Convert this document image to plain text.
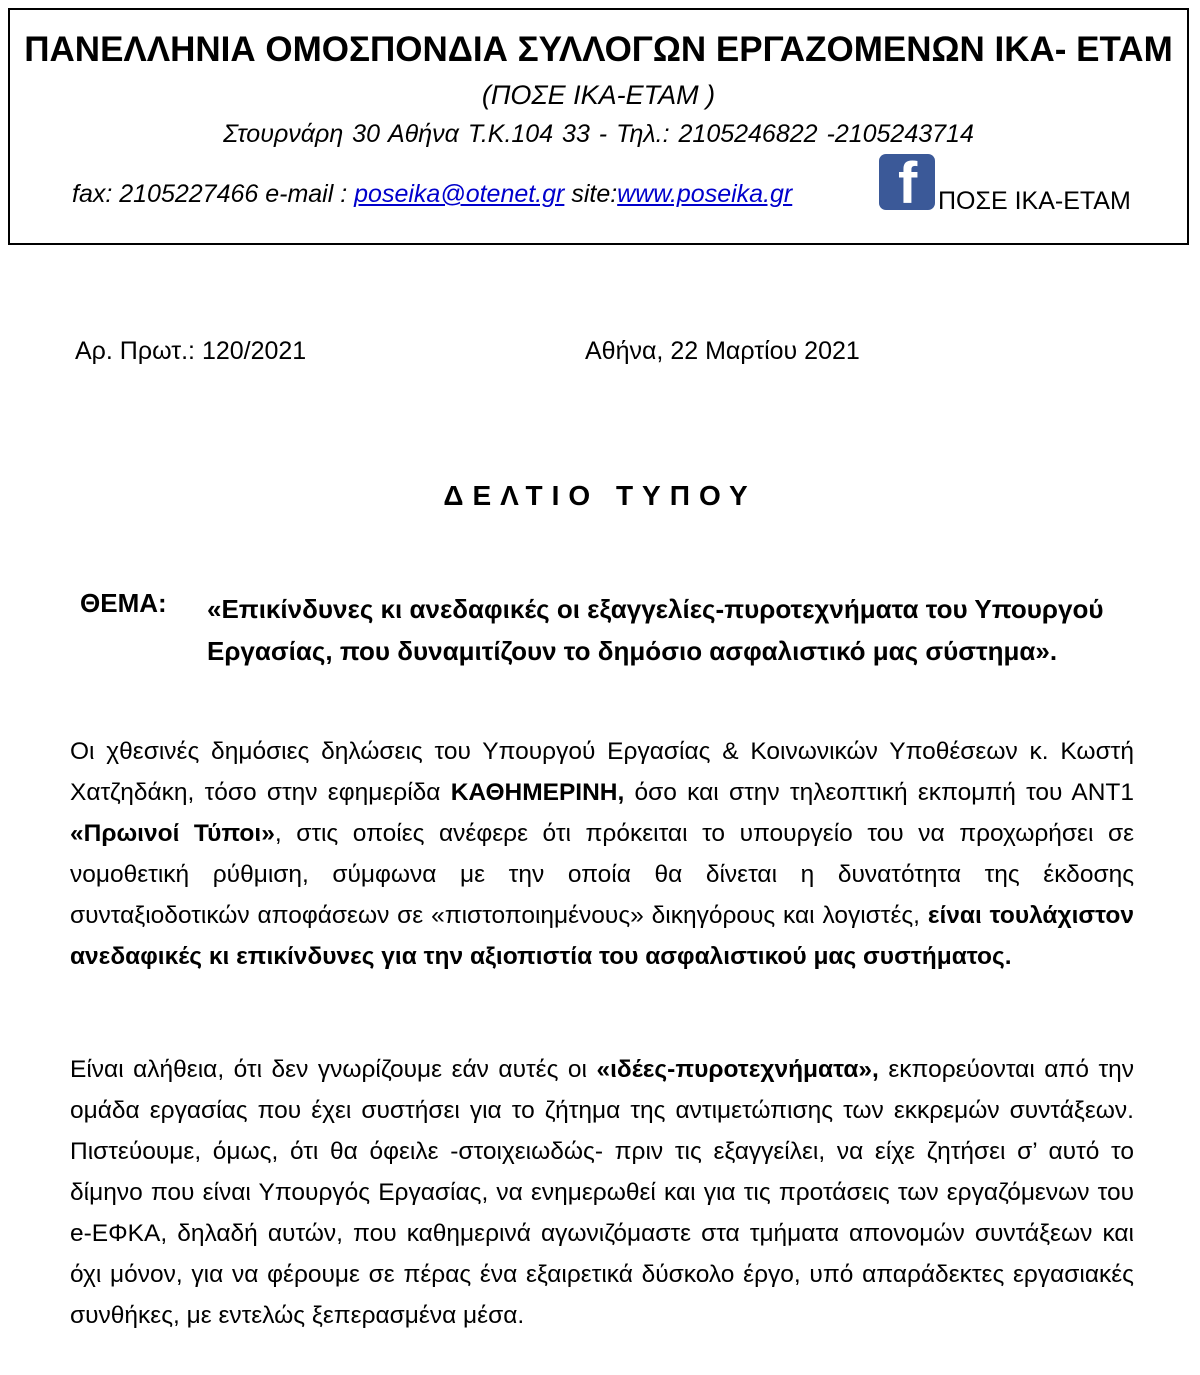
ΠΑΝΕΛΛΗΝΙΑ ΟΜΟΣΠΟΝΔΙΑ ΣΥΛΛΟΓΩΝ ΕΡΓΑΖΟΜΕΝΩΝ ΙΚΑ- ΕΤΑΜ
(ΠΟΣΕ ΙΚΑ-ΕΤΑΜ )
Στουρνάρη 30 Αθήνα Τ.Κ.104 33 - Τηλ.: 2105246822 -2105243714
fax: 2105227466 e-mail : poseika@otenet.gr site:www.poseika.gr f ΠΟΣΕ ΙΚΑ-ΕΤΑΜ
Αρ. Πρωτ.: 120/2021	Αθήνα, 22 Μαρτίου 2021
ΔΕΛΤΙΟ ΤΥΠΟΥ
ΘΕΜΑ: «Επικίνδυνες κι ανεδαφικές οι εξαγγελίες-πυροτεχνήματα του Υπουργού Εργασίας, που δυναμιτίζουν το δημόσιο ασφαλιστικό μας σύστημα».
Οι χθεσινές δημόσιες δηλώσεις του Υπουργού Εργασίας & Κοινωνικών Υποθέσεων κ. Κωστή Χατζηδάκη, τόσο στην εφημερίδα ΚΑΘΗΜΕΡΙΝΗ, όσο και στην τηλεοπτική εκπομπή του ΑΝΤ1 «Πρωινοί Τύποι», στις οποίες ανέφερε ότι πρόκειται το υπουργείο του να προχωρήσει σε νομοθετική ρύθμιση, σύμφωνα με την οποία θα δίνεται η δυνατότητα της έκδοσης συνταξιοδοτικών αποφάσεων σε «πιστοποιημένους» δικηγόρους και λογιστές, είναι τουλάχιστον ανεδαφικές κι επικίνδυνες για την αξιοπιστία του ασφαλιστικού μας συστήματος.
Είναι αλήθεια, ότι δεν γνωρίζουμε εάν αυτές οι «ιδέες-πυροτεχνήματα», εκπορεύονται από την ομάδα εργασίας που έχει συστήσει για το ζήτημα της αντιμετώπισης των εκκρεμών συντάξεων. Πιστεύουμε, όμως, ότι θα όφειλε -στοιχειωδώς- πριν τις εξαγγείλει, να είχε ζητήσει σ’ αυτό το δίμηνο που είναι Υπουργός Εργασίας, να ενημερωθεί και για τις προτάσεις των εργαζόμενων του e-ΕΦΚΑ, δηλαδή αυτών, που καθημερινά αγωνιζόμαστε στα τμήματα απονομών συντάξεων και όχι μόνον, για να φέρουμε σε πέρας ένα εξαιρετικά δύσκολο έργο, υπό απαράδεκτες εργασιακές συνθήκες, με εντελώς ξεπερασμένα μέσα.
